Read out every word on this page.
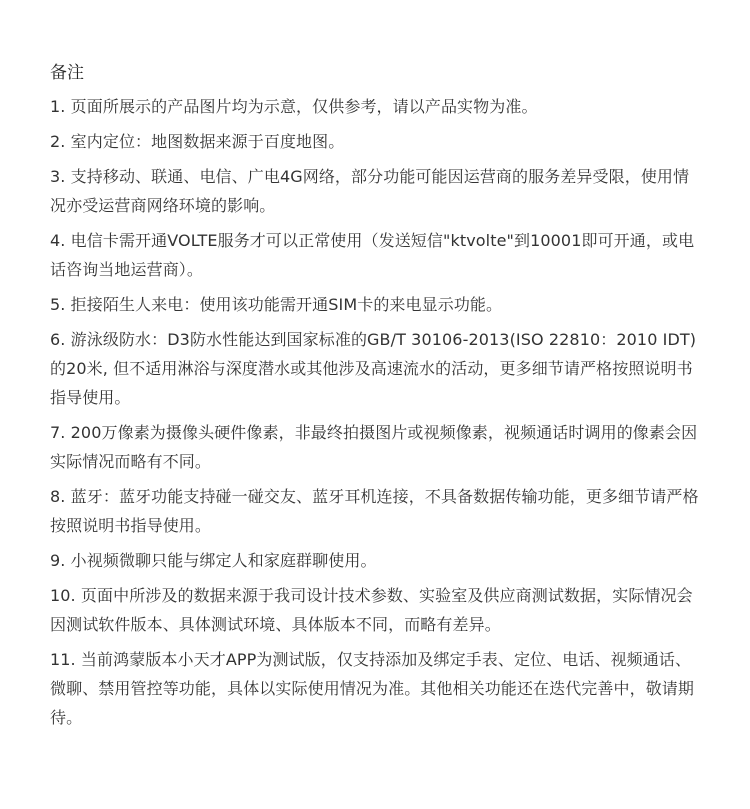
备注
1. 页面所展示的产品图片均为示意，仅供参考，请以产品实物为准。
2. 室内定位：地图数据来源于百度地图。
3. 支持移动、联通、电信、广电4G网络，部分功能可能因运营商的服务差异受限，使用情况亦受运营商网络环境的影响。
4. 电信卡需开通VOLTE服务才可以正常使用（发送短信"ktvolte"到10001即可开通，或电话咨询当地运营商）。
5. 拒接陌生人来电：使用该功能需开通SIM卡的来电显示功能。
6. 游泳级防水：D3防水性能达到国家标准的GB/T 30106-2013(ISO 22810：2010 IDT)的20米, 但不适用淋浴与深度潜水或其他涉及高速流水的活动，更多细节请严格按照说明书指导使用。
7. 200万像素为摄像头硬件像素，非最终拍摄图片或视频像素，视频通话时调用的像素会因实际情况而略有不同。
8. 蓝牙：蓝牙功能支持碰一碰交友、蓝牙耳机连接，不具备数据传输功能，更多细节请严格按照说明书指导使用。
9. 小视频微聊只能与绑定人和家庭群聊使用。
10. 页面中所涉及的数据来源于我司设计技术参数、实验室及供应商测试数据，实际情况会因测试软件版本、具体测试环境、具体版本不同，而略有差异。
11. 当前鸿蒙版本小天才APP为测试版，仅支持添加及绑定手表、定位、电话、视频通话、微聊、禁用管控等功能，具体以实际使用情况为准。其他相关功能还在迭代完善中，敬请期待。
